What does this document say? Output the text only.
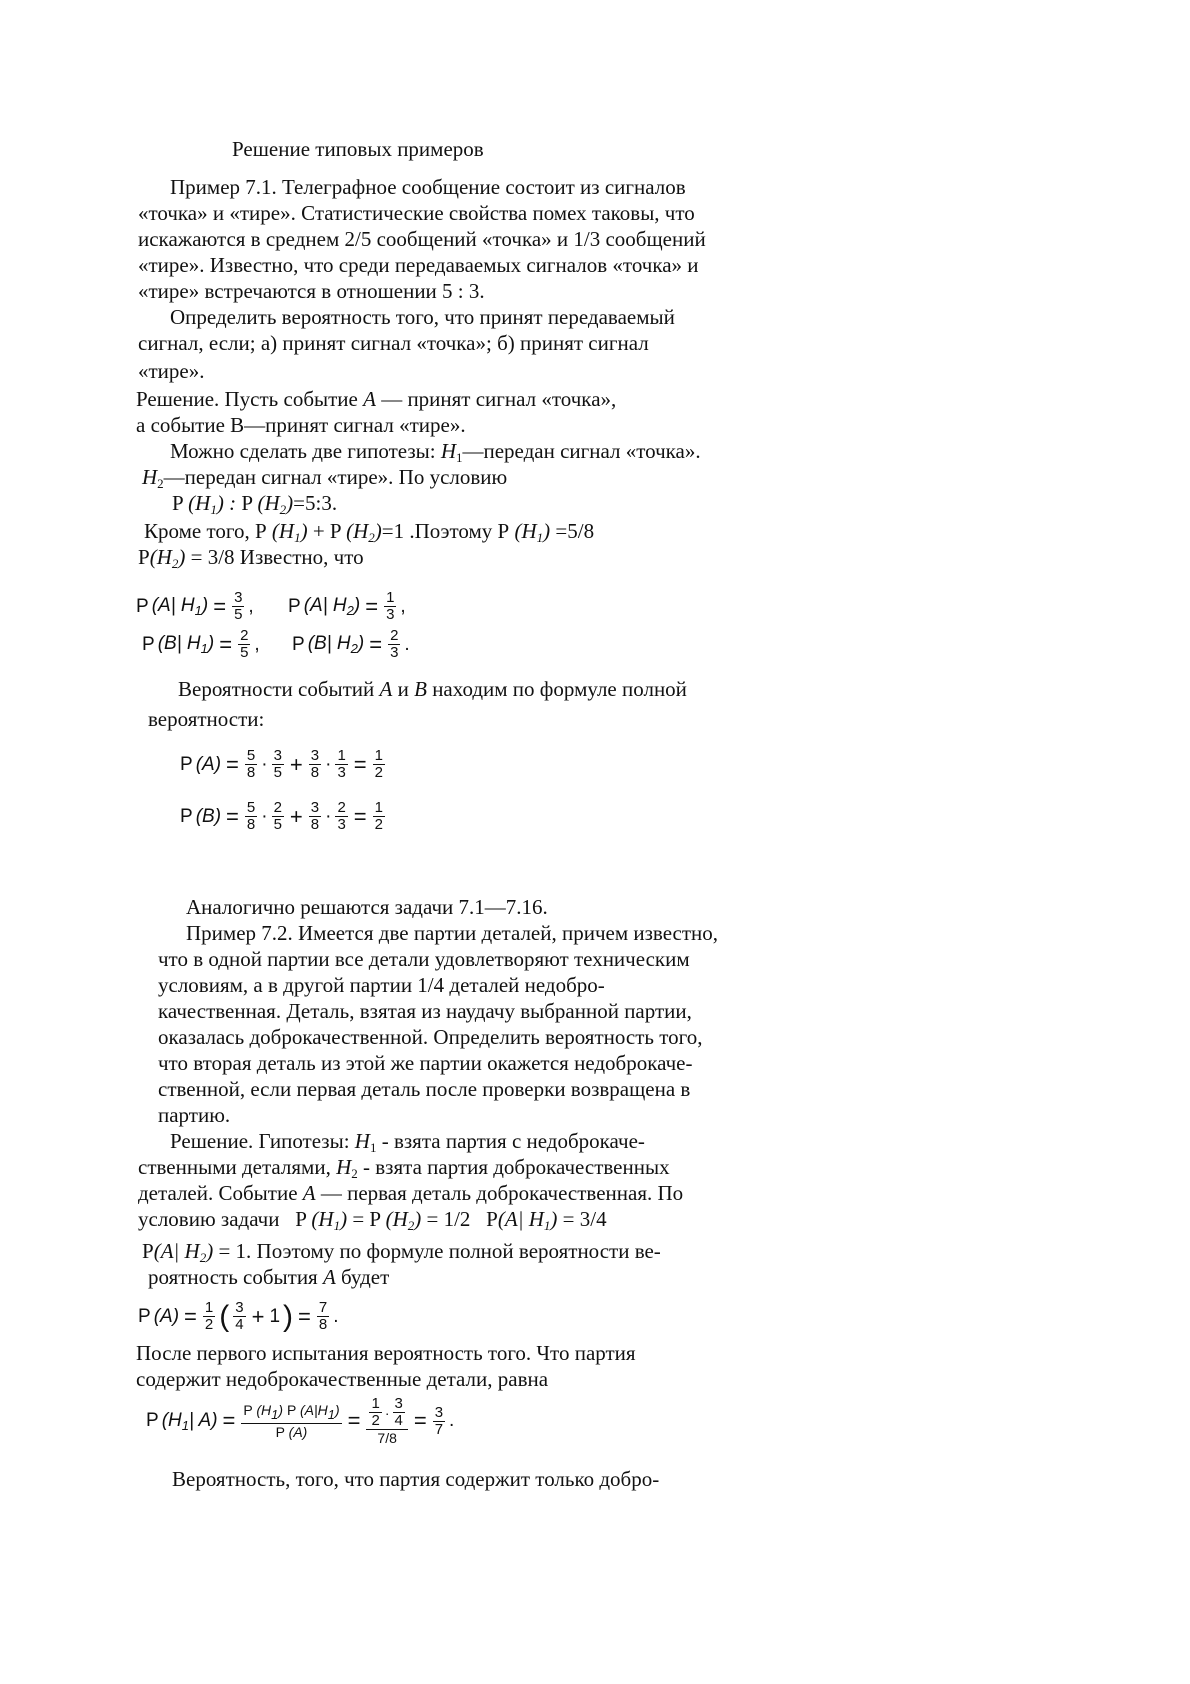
Решение типовых примеров
Пример 7.1. Телеграфное сообщение состоит из сигналов
«точка» и «тире». Статистические свойства помех таковы, что
искажаются в среднем 2/5 сообщений «точка» и 1/3 сообщений
«тире». Известно, что среди передаваемых сигналов «точка» и
«тире» встречаются в отношении 5 : 3.
Определить вероятность того, что принят передаваемый
сигнал, если; а) принят сигнал «точка»; б) принят сигнал
«тире».
Решение. Пусть событие A — принят сигнал «точка»,
a событие В—принят сигнал «тире».
Можно сделать две гипотезы: $H_1—передан$ сигнал «точка».
$H_2—передан$ сигнал «тире». По условию
P $(H_1)$ : P $(H_2)=5:3$.
Кроме того, Р $(H_1) + P$ $(H_2)=1$ .Поэтому Р $(H_1) =5/8$
$P(H_2) = 3/8$ Известно, что
P (A| $H_1) = \frac{3}{5}$ , P (A| $H_2) = \frac{1}{3}$ ,
P (B| $H_1) = \frac{2}{5}$ , P (B| $H_2) = \frac{2}{3}$ .
Вероятности событий A и B находим по формуле полной
вероятности:
P $(A) = \frac{5}{8} \cdot \frac{3}{5} + \frac{3}{8} \cdot \frac{1}{3} = \frac{1}{2}$
P $(B) = \frac{5}{8} \cdot \frac{2}{5} + \frac{3}{8} \cdot \frac{2}{3} = \frac{1}{2}$
Аналогично решаются задачи 7.1—7.16.
Пример 7.2. Имеется две партии деталей, причем известно,
что в одной партии все детали удовлетворяют техническим
условиям, а в другой партии 1/4 деталей недобро-
качественная. Деталь, взятая из наудачу выбранной партии,
оказалась доброкачественной. Определить вероятность того,
что вторая деталь из этой же партии окажется недоброкаче-
ственной, если первая деталь после проверки возвращена в
партию.
Решение. Гипотезы: $H_1$ - взята партия с недоброкаче-
ственными деталями, $H_2$ - взята партия доброкачественных
деталей. Событие A — первая деталь доброкачественная. По
условию задачи P $(H_1) = P$ $(H_2) = 1/2$ P(A| $H_1) = 3/4$
P(A| $H_2) = 1$. Поэтому по формуле полной вероятности ве-
роятность события A будет
P $(A) = \frac{1}{2}$ ( $\frac{3}{4} + 1$ ) = $\frac{7}{8}$ .
После первого испытания вероятность того. Что партия
содержит недоброкачественные детали, равна
P ($H_1|$ $A) = \frac{P (H1) P (A|H1)}{P (A)} = \frac{\frac{1}{2} \cdot \frac{3}{4}}{7/8} = \frac{3}{7}$ .
Вероятность, того, что партия содержит только добро-
